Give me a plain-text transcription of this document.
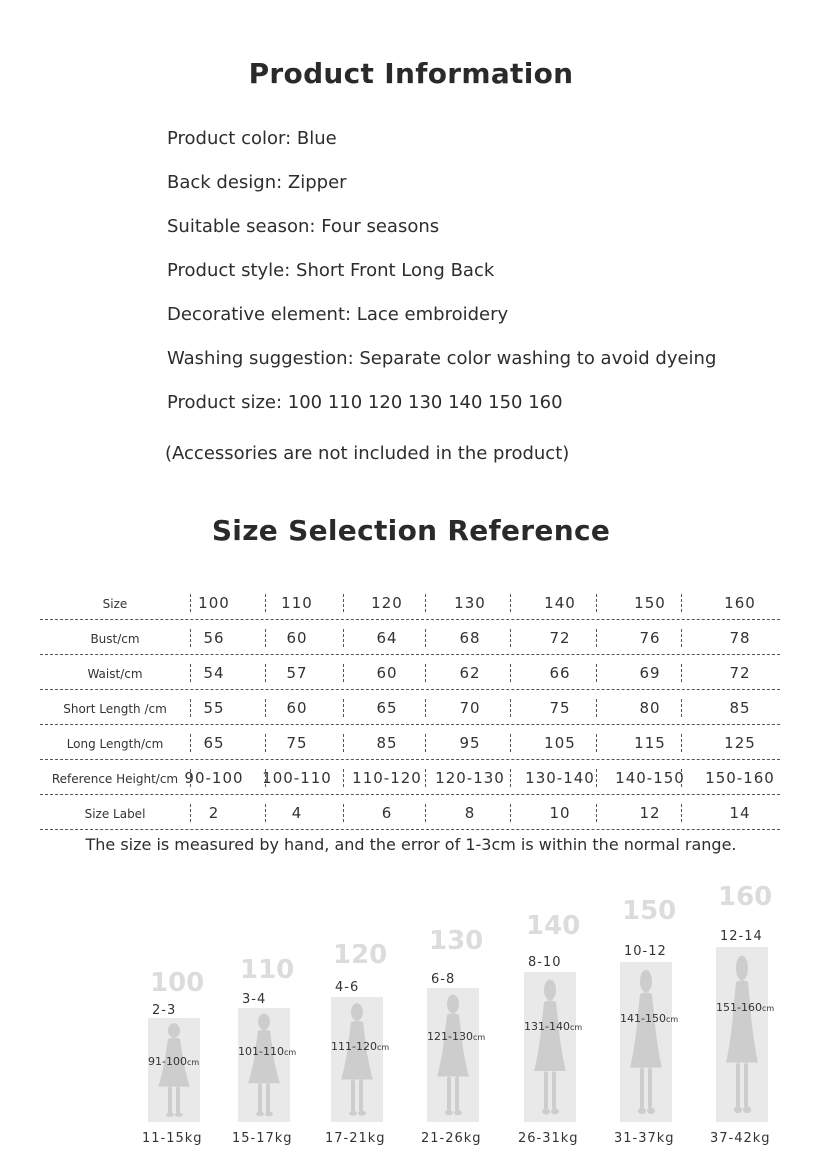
Product Information
Product color: Blue
Back design: Zipper
Suitable season: Four seasons
Product style: Short Front Long Back
Decorative element: Lace embroidery
Washing suggestion: Separate color washing to avoid dyeing
Product size: 100 110 120 130 140 150 160
(Accessories are not included in the product)
Size Selection Reference
Size	100	110	120	130	140	150	160
Bust/cm	56	60	64	68	72	76	78
Waist/cm	54	57	60	62	66	69	72
Short Length /cm	55	60	65	70	75	80	85
Long Length/cm	65	75	85	95	105	115	125
Reference Height/cm 90-100	100-110	110-120 120-130	130-140	140-150	150-160
Size Label	2	4	6	8	10	12	14
The size is measured by hand, and the error of 1-3cm is within the normal range.
100
2-3
91-100cm
11-15kg
110
3-4
101-110cm
15-17kg
120
4-6
111-120cm
17-21kg
130
6-8
121-130cm
21-26kg
140
8-10
131-140cm
26-31kg
150
10-12
141-150cm
31-37kg
160
12-14
151-160cm
37-42kg
